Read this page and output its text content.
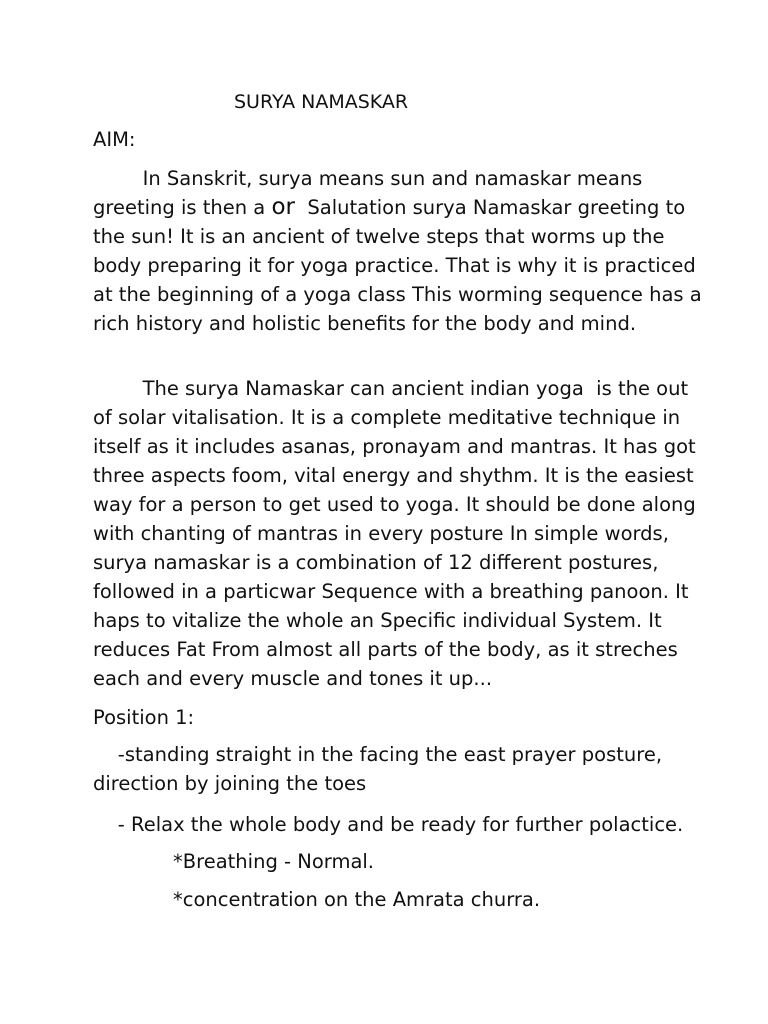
SURYA NAMASKAR
AIM:
In Sanskrit, surya means sun and namaskar means
greeting is then a or  Salutation surya Namaskar greeting to
the sun! It is an ancient of twelve steps that worms up the
body preparing it for yoga practice. That is why it is practiced
at the beginning of a yoga class This worming sequence has a
rich history and holistic benefits for the body and mind.
The surya Namaskar can ancient indian yoga  is the out
of solar vitalisation. It is a complete meditative technique in
itself as it includes asanas, pronayam and mantras. It has got
three aspects foom, vital energy and shythm. It is the easiest
way for a person to get used to yoga. It should be done along
with chanting of mantras in every posture In simple words,
surya namaskar is a combination of 12 different postures,
followed in a particwar Sequence with a breathing panoon. It
haps to vitalize the whole an Specific individual System. It
reduces Fat From almost all parts of the body, as it streches
each and every muscle and tones it up...
Position 1:
-standing straight in the facing the east prayer posture,
direction by joining the toes
- Relax the whole body and be ready for further polactice.
*Breathing - Normal.
*concentration on the Amrata churra.
